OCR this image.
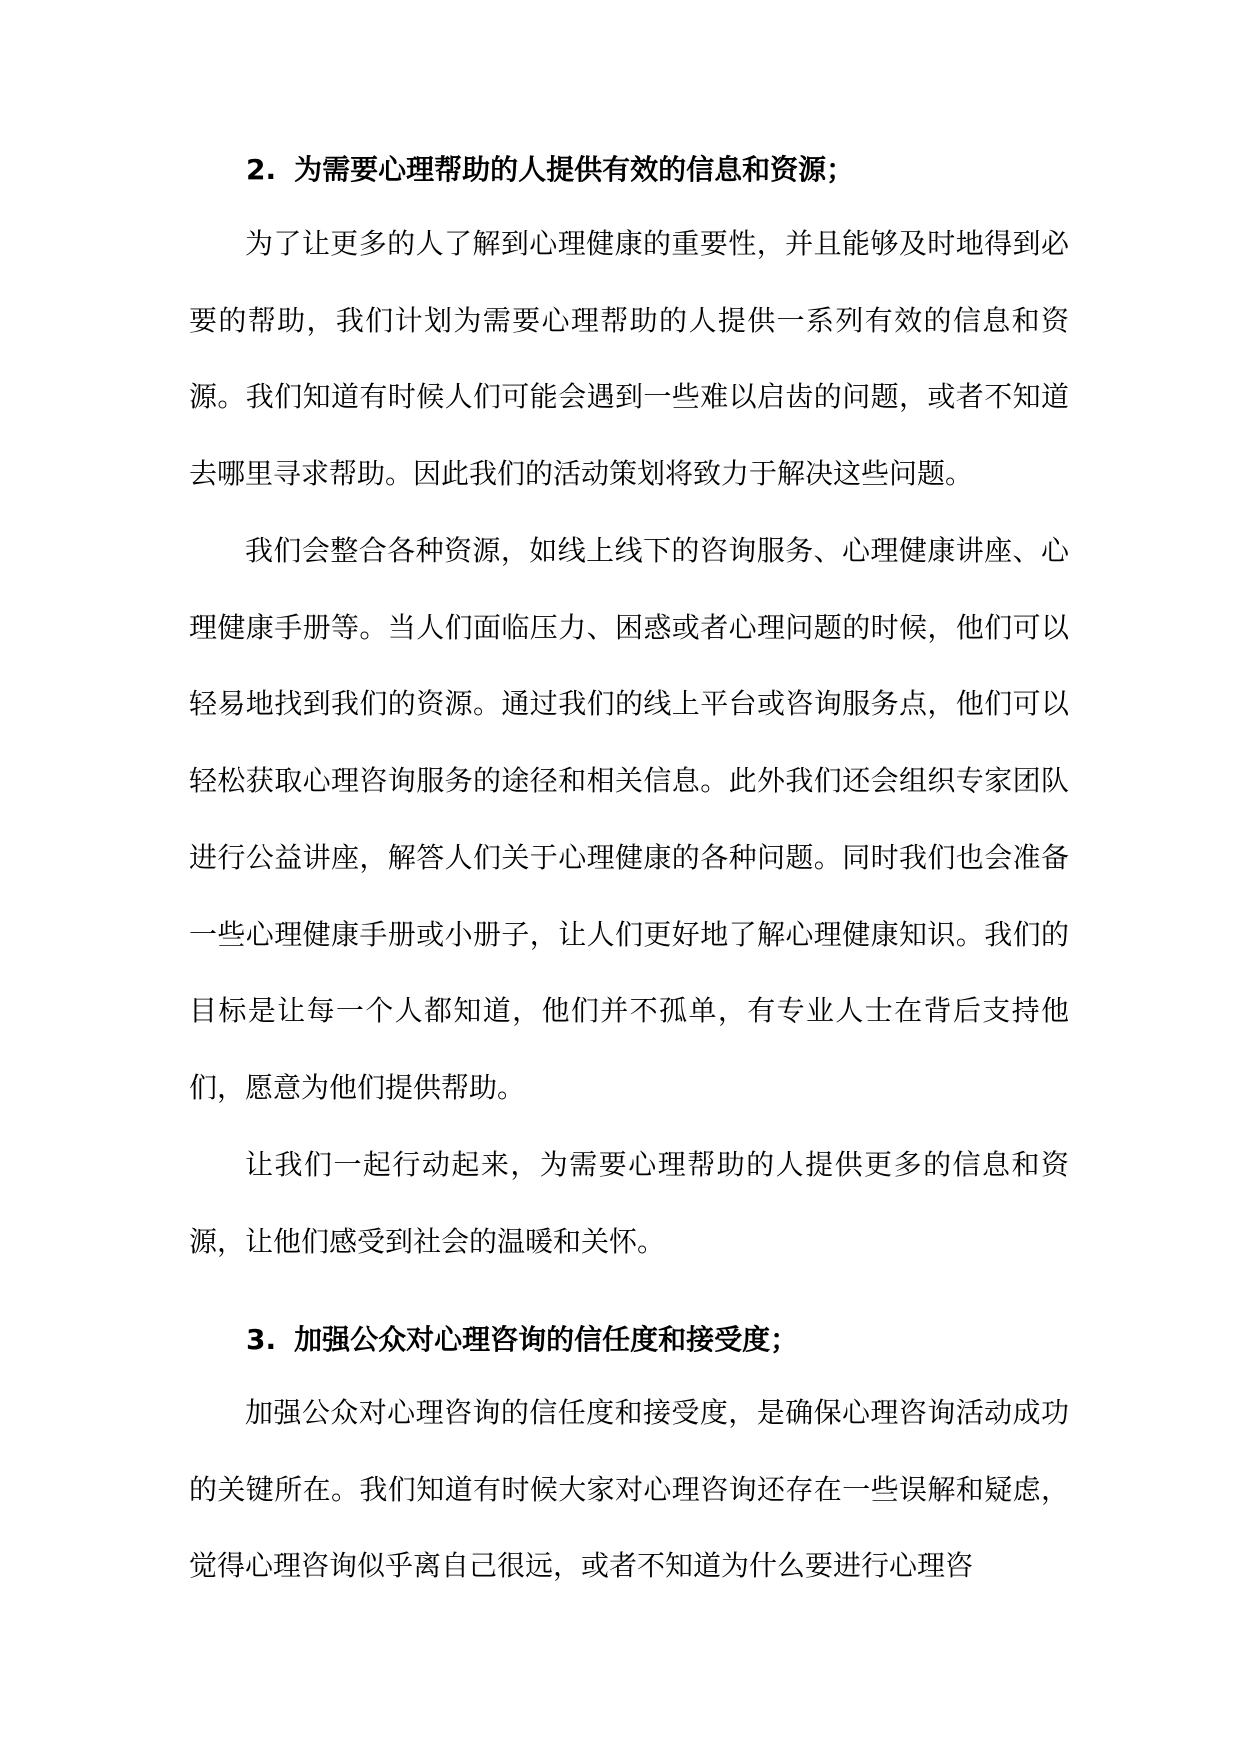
2. 为需要心理帮助的人提供有效的信息和资源；

为了让更多的人了解到心理健康的重要性，并且能够及时地得到必要的帮助，我们计划为需要心理帮助的人提供一系列有效的信息和资源。我们知道有时候人们可能会遇到一些难以启齿的问题，或者不知道去哪里寻求帮助。因此我们的活动策划将致力于解决这些问题。

我们会整合各种资源，如线上线下的咨询服务、心理健康讲座、心理健康手册等。当人们面临压力、困惑或者心理问题的时候，他们可以轻易地找到我们的资源。通过我们的线上平台或咨询服务点，他们可以轻松获取心理咨询服务的途径和相关信息。此外我们还会组织专家团队进行公益讲座，解答人们关于心理健康的各种问题。同时我们也会准备一些心理健康手册或小册子，让人们更好地了解心理健康知识。我们的目标是让每一个人都知道，他们并不孤单，有专业人士在背后支持他们，愿意为他们提供帮助。

让我们一起行动起来，为需要心理帮助的人提供更多的信息和资源，让他们感受到社会的温暖和关怀。

3. 加强公众对心理咨询的信任度和接受度；

加强公众对心理咨询的信任度和接受度，是确保心理咨询活动成功的关键所在。我们知道有时候大家对心理咨询还存在一些误解和疑虑，觉得心理咨询似乎离自己很远，或者不知道为什么要进行心理咨
